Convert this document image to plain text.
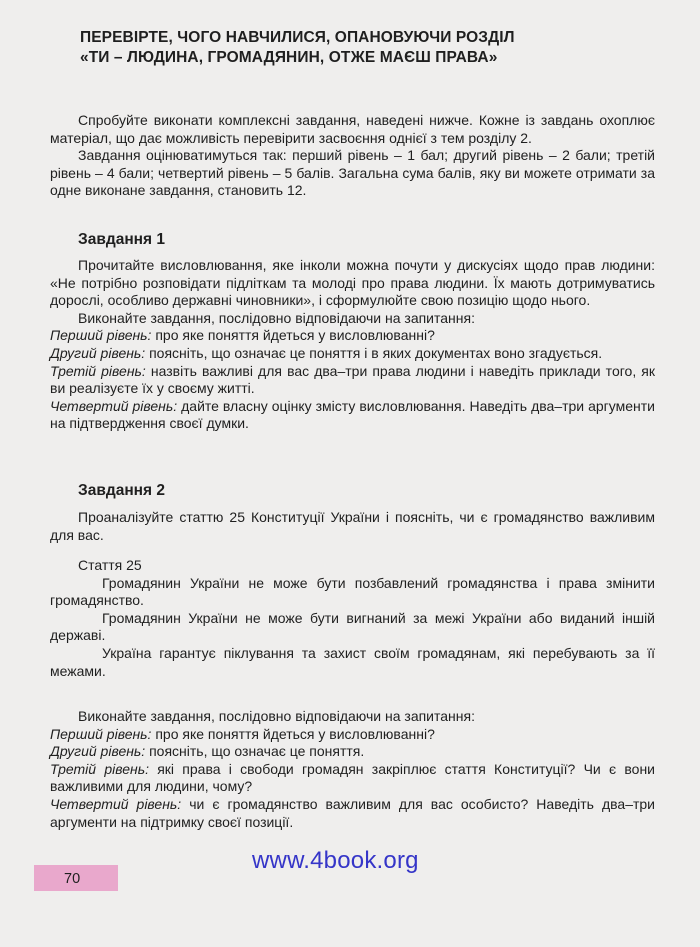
ПЕРЕВІРТЕ, ЧОГО НАВЧИЛИСЯ, ОПАНОВУЮЧИ РОЗДІЛ
«ТИ – ЛЮДИНА, ГРОМАДЯНИН, ОТЖЕ МАЄШ ПРАВА»

Спробуйте виконати комплексні завдання, наведені нижче. Кожне із завдань охоплює матеріал, що дає можливість перевірити засвоєння однієї з тем розділу 2.

Завдання оцінюватимуться так: перший рівень – 1 бал; другий рівень – 2 бали; третій рівень – 4 бали; четвертий рівень – 5 балів. Загальна сума балів, яку ви можете отримати за одне виконане завдання, становить 12.

Завдання 1

Прочитайте висловлювання, яке інколи можна почути у дискусіях щодо прав людини: «Не потрібно розповідати підліткам та молоді про права людини. Їх мають дотримуватись дорослі, особливо державні чиновники», і сформулюйте свою позицію щодо нього.

Виконайте завдання, послідовно відповідаючи на запитання:

Перший рівень: про яке поняття йдеться у висловлюванні?

Другий рівень: поясніть, що означає це поняття і в яких документах воно згадується.

Третій рівень: назвіть важливі для вас два–три права людини і наведіть приклади того, як ви реалізуєте їх у своєму житті.

Четвертий рівень: дайте власну оцінку змісту висловлювання. Наведіть два–три аргументи на підтвердження своєї думки.

Завдання 2

Проаналізуйте статтю 25 Конституції України і поясніть, чи є громадянство важливим для вас.

Стаття 25

Громадянин України не може бути позбавлений громадянства і права змінити громадянство.

Громадянин України не може бути вигнаний за межі України або виданий іншій державі.

Україна гарантує піклування та захист своїм громадянам, які перебувають за її межами.

Виконайте завдання, послідовно відповідаючи на запитання:

Перший рівень: про яке поняття йдеться у висловлюванні?

Другий рівень: поясніть, що означає це поняття.

Третій рівень: які права і свободи громадян закріплює стаття Конституції? Чи є вони важливими для людини, чому?

Четвертий рівень: чи є громадянство важливим для вас особисто? Наведіть два–три аргументи на підтримку своєї позиції.

www.4book.org
70
